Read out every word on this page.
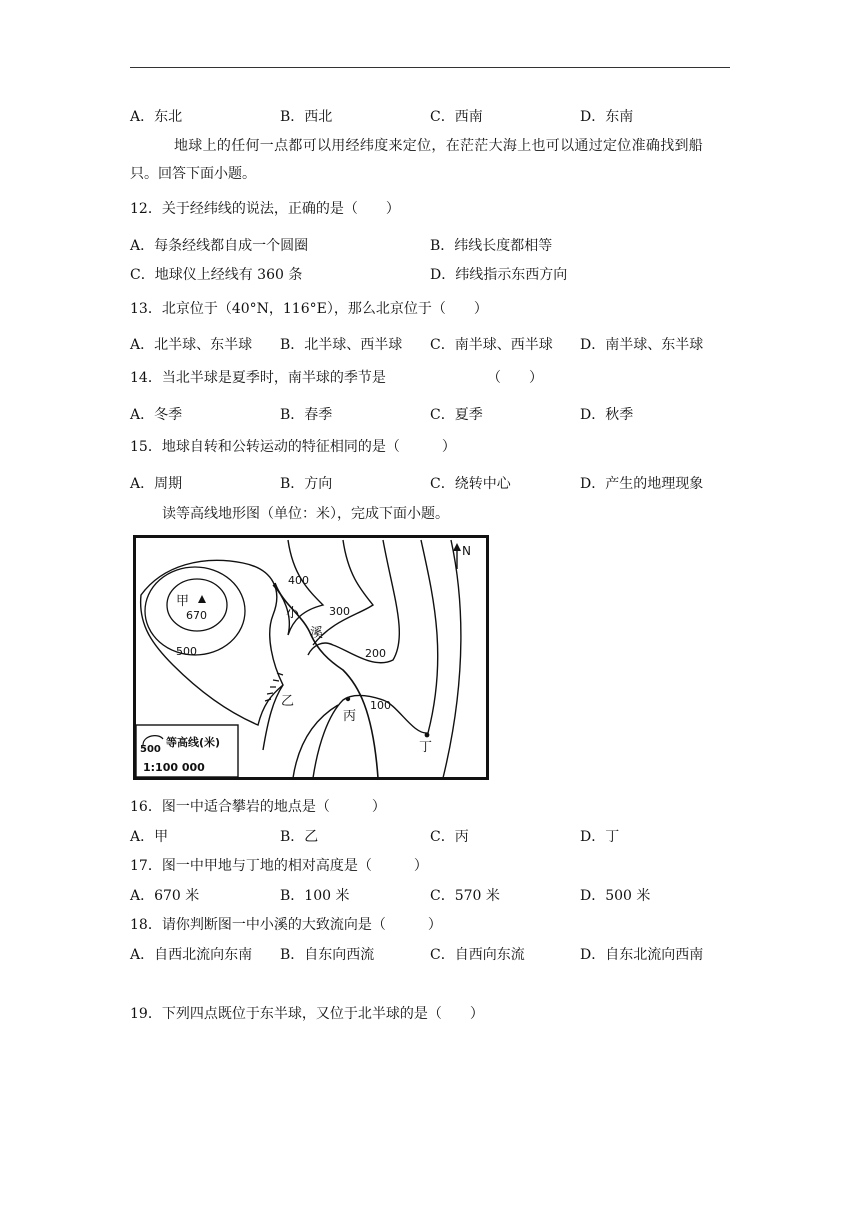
A．东北	B．西北	C．西南	D．东南
地球上的任何一点都可以用经纬度来定位，在茫茫大海上也可以通过定位准确找到船
只。回答下面小题。
12．关于经纬线的说法，正确的是（　　）
A．每条经线都自成一个圆圈	B．纬线长度都相等
C．地球仪上经线有 360 条	D．纬线指示东西方向
13．北京位于（40°N，116°E），那么北京位于（　　）
A．北半球、东半球 B．北半球、西半球 C．南半球、西半球 D．南半球、东半球
14．当北半球是夏季时，南半球的季节是	（　　）
A．冬季	B．春季	C．夏季	D．秋季
15．地球自转和公转运动的特征相同的是（　　　）
A．周期	B．方向	C．绕转中心	D．产生的地理现象
读等高线地形图（单位：米），完成下面小题。
甲
670
400
300
200
100
500
小
溪
乙
丙
丁
N
500
等高线(米)
1:100 000
16．图一中适合攀岩的地点是（　　　）
A．甲	B．乙	C．丙	D．丁
17．图一中甲地与丁地的相对高度是（　　　）
A．670 米	B．100 米	C．570 米	D．500 米
18．请你判断图一中小溪的大致流向是（　　　）
A．自西北流向东南 B．自东向西流	C．自西向东流	D．自东北流向西南
19．下列四点既位于东半球，又位于北半球的是（　　）
